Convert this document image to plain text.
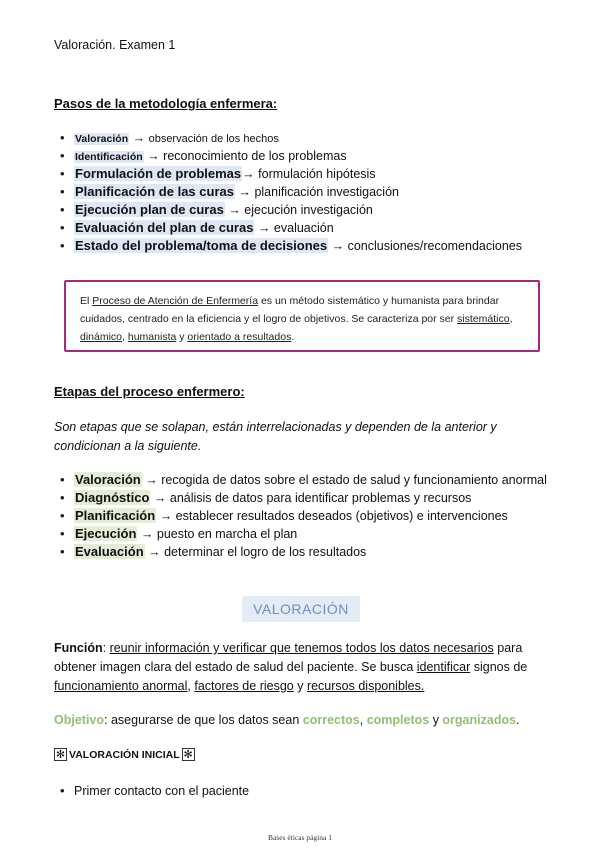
Valoración. Examen 1
Pasos de la metodología enfermera:
• Valoración → observación de los hechos
• Identificación → reconocimiento de los problemas
• Formulación de problemas→ formulación hipótesis
• Planificación de las curas → planificación investigación
• Ejecución plan de curas → ejecución investigación
• Evaluación del plan de curas → evaluación
• Estado del problema/toma de decisiones → conclusiones/recomendaciones
El Proceso de Atención de Enfermería es un método sistemático y humanista para brindar cuidados, centrado en la eficiencia y el logro de objetivos. Se caracteriza por ser sistemático, dinámico, humanista y orientado a resultados.
Etapas del proceso enfermero:
Son etapas que se solapan, están interrelacionadas y dependen de la anterior y condicionan a la siguiente.
• Valoración → recogida de datos sobre el estado de salud y funcionamiento anormal
• Diagnóstico → análisis de datos para identificar problemas y recursos
• Planificación → establecer resultados deseados (objetivos) e intervenciones
• Ejecución → puesto en marcha el plan
• Evaluación → determinar el logro de los resultados
VALORACIÓN
Función: reunir información y verificar que tenemos todos los datos necesarios para obtener imagen clara del estado de salud del paciente. Se busca identificar signos de funcionamiento anormal, factores de riesgo y recursos disponibles.
Objetivo: asegurarse de que los datos sean correctos, completos y organizados.
✻ VALORACIÓN INICIAL ✻
• Primer contacto con el paciente
Bases éticas página 1
